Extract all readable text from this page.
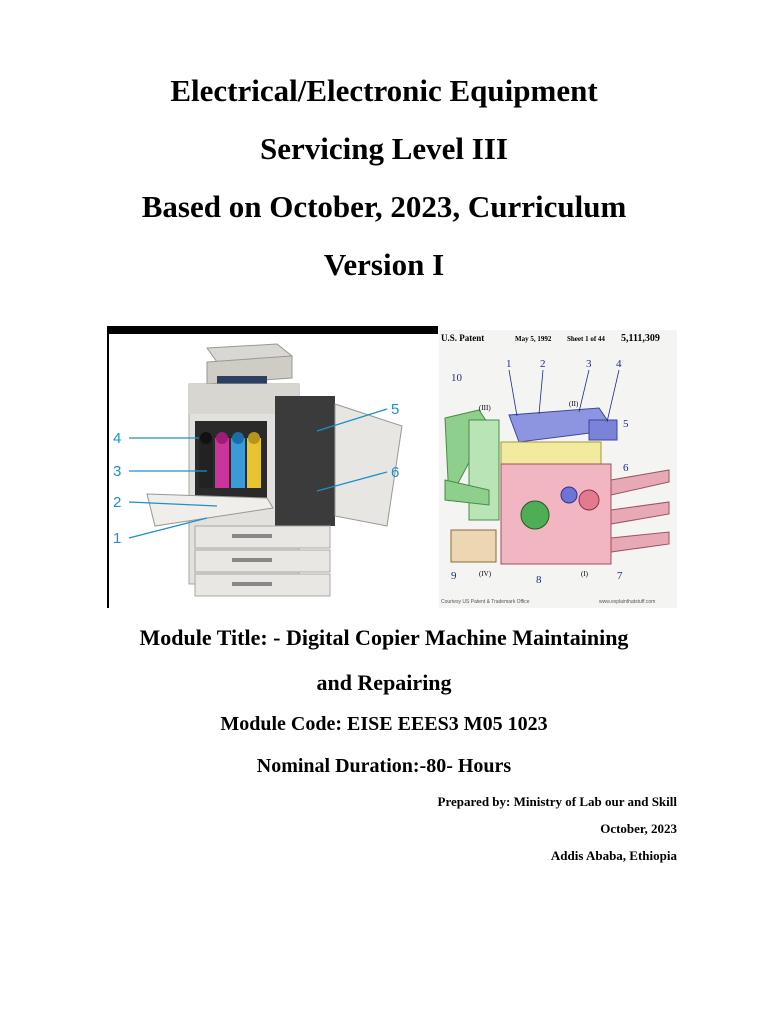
Electrical/Electronic Equipment
Servicing Level III
Based on October, 2023, Curriculum
Version I
4
3
2
1
5
6
U.S. Patent	May 5, 1992 Sheet 1 of 44 5,111,309
(III)	(II)
(IV)	(I)
Courtesy US Patent & Trademark Office	www.explainthatstuff.com
1	2	3 4
5
6
7
8
9
10
Module Title: - Digital Copier Machine Maintaining
and Repairing
Module Code: EISE EEES3 M05 1023
Nominal Duration:-80- Hours
Prepared by: Ministry of Lab our and Skill
October, 2023
Addis Ababa, Ethiopia
